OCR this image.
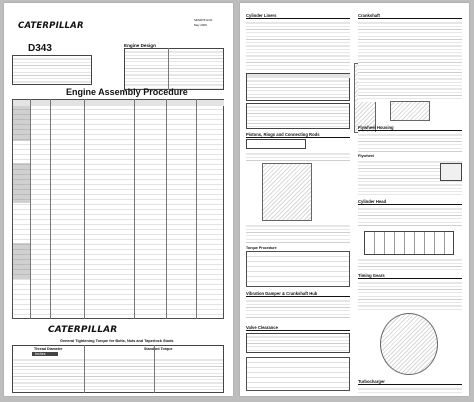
CATERPILLAR
SENR7613-01
May 2009
D343	Engine Design
Engine Assembly Procedure
CATERPILLAR
General Tightening Torque for Bolts, Nuts and Taperlock Studs
Thread Diameter	Standard Torque
Inches
Cylinder Liners
Pistons, Rings and Connecting Rods
Torque Procedure
Vibration Damper & Crankshaft Hub
Valve Clearance
Crankshaft
Flywheel Housing
Flywheel
Cylinder Head
Timing Gears
Turbocharger
